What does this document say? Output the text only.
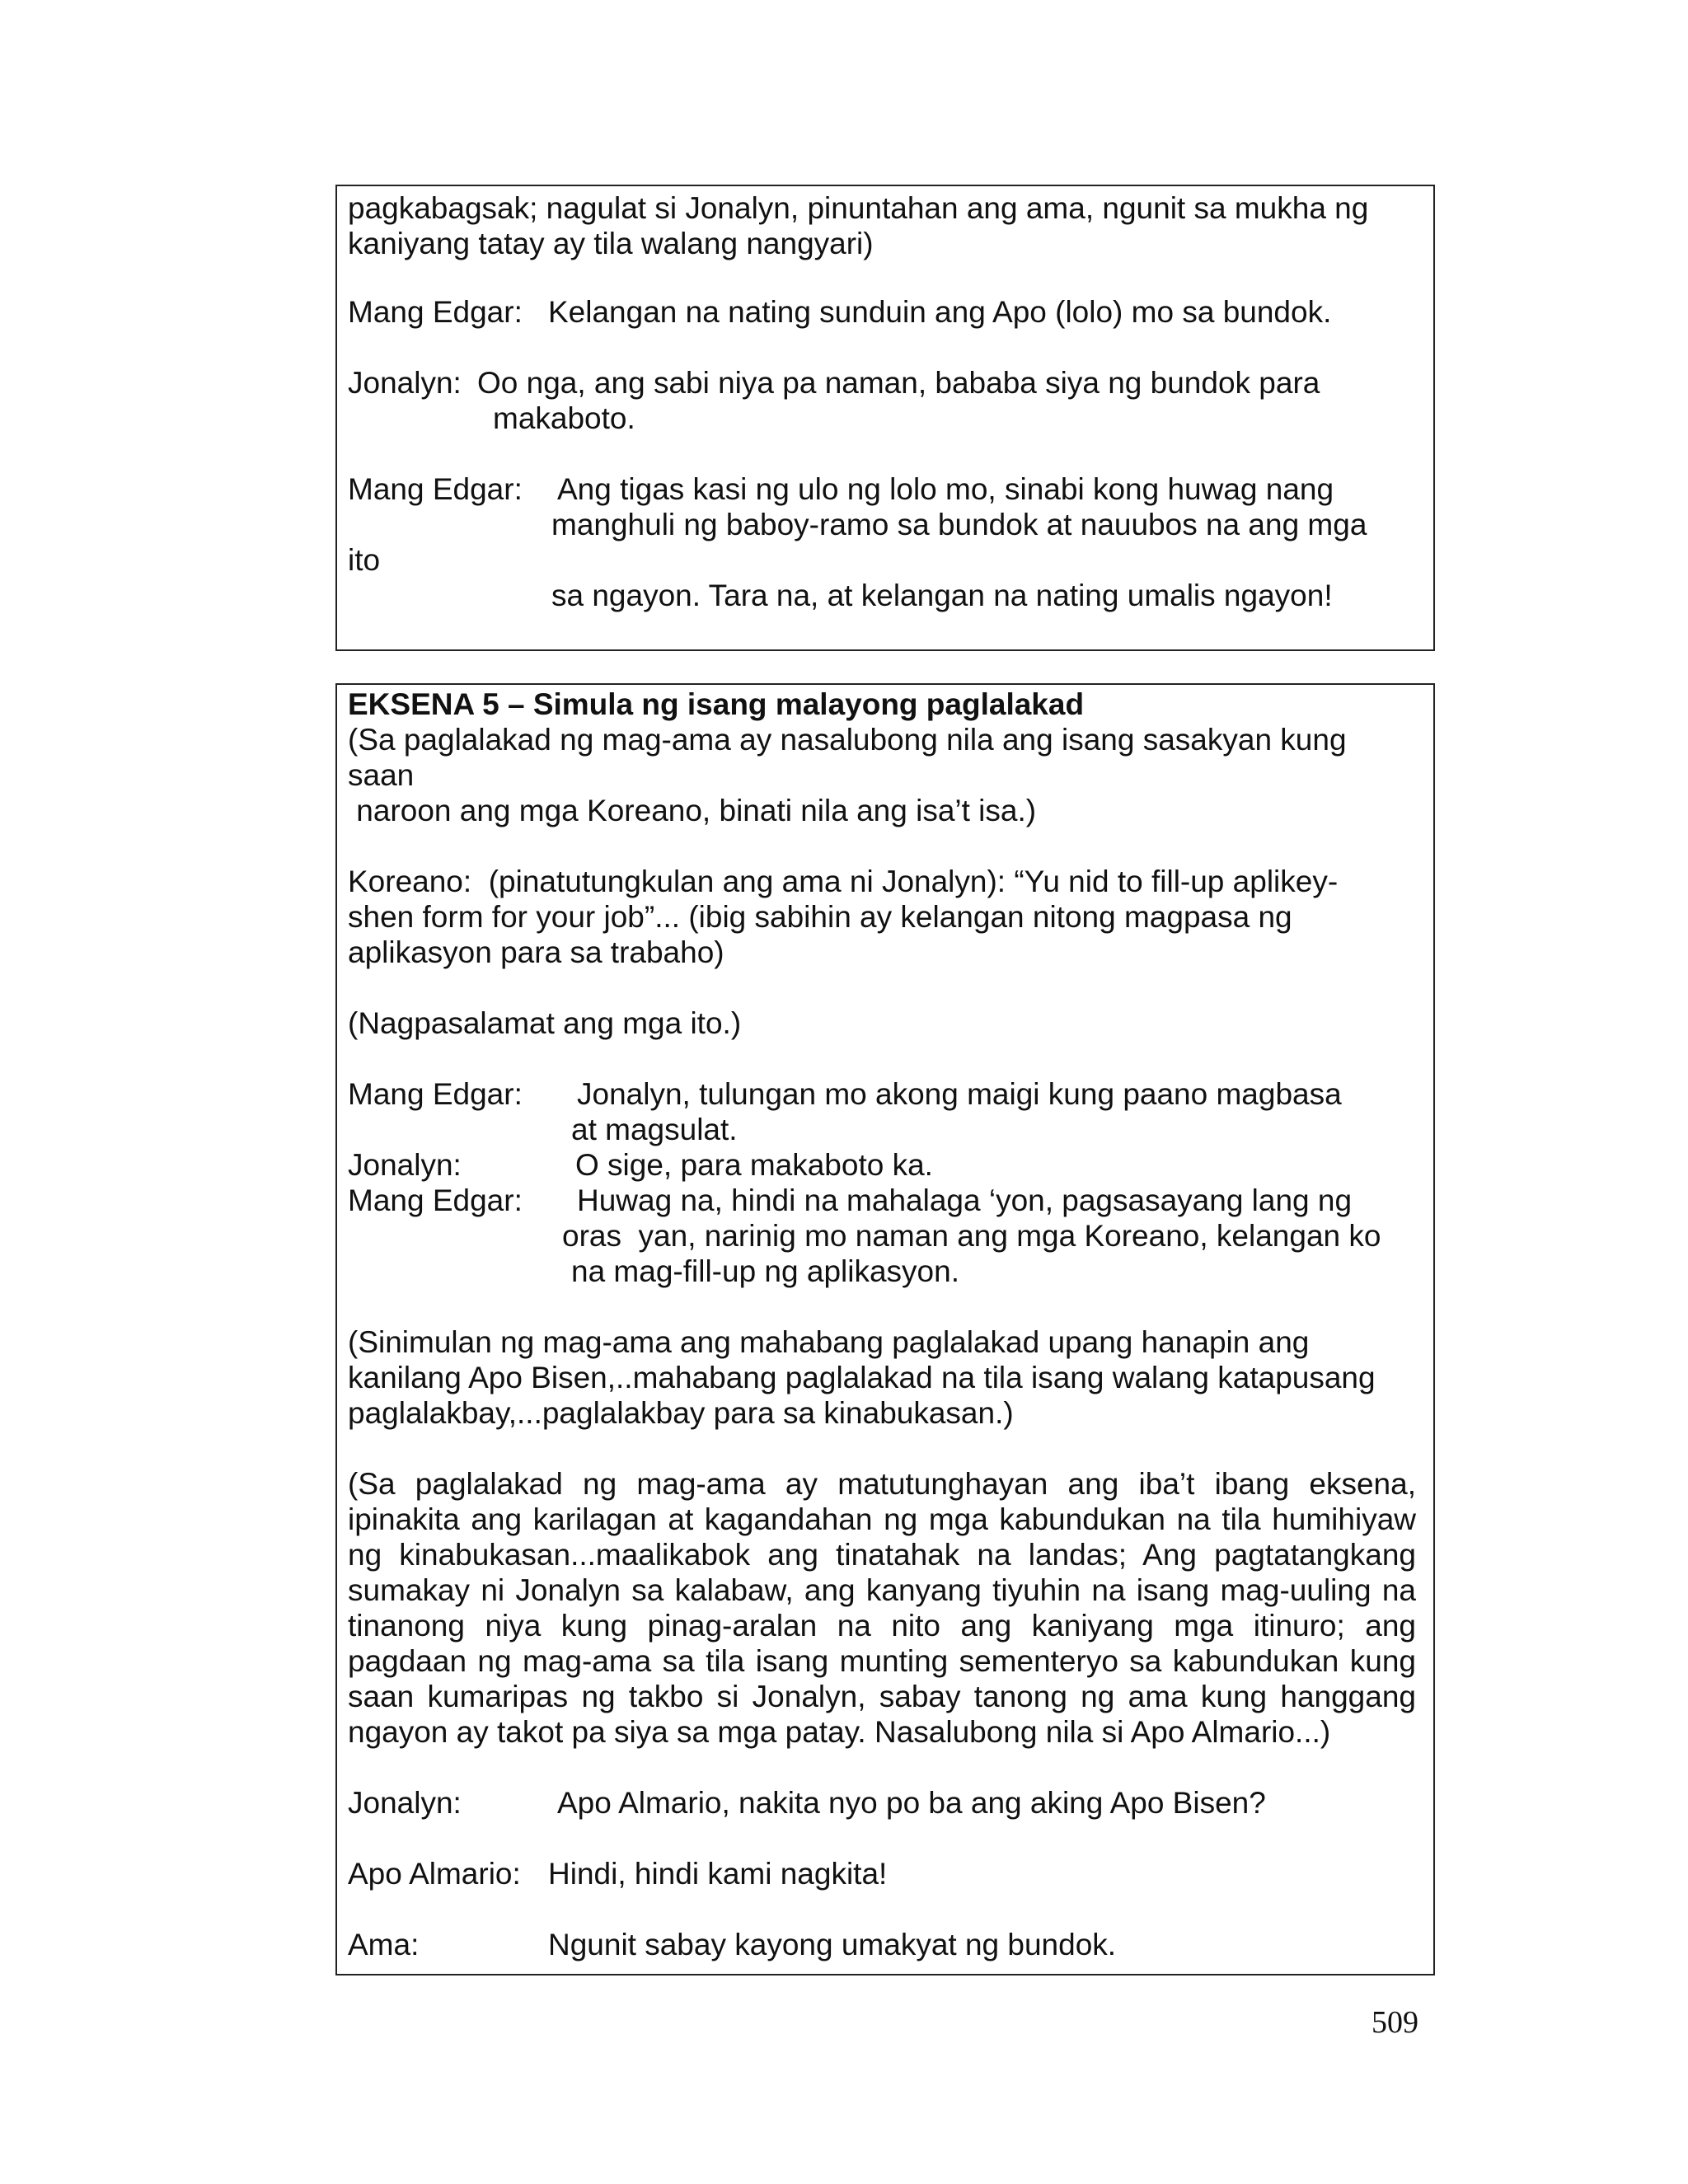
pagkabagsak; nagulat si Jonalyn, pinuntahan ang ama, ngunit sa mukha ng
kaniyang tatay ay tila walang nangyari)
Mang Edgar: Kelangan na nating sunduin ang Apo (lolo) mo sa bundok.
Jonalyn: Oo nga, ang sabi niya pa naman, bababa siya ng bundok para
makaboto.
Mang Edgar: Ang tigas kasi ng ulo ng lolo mo, sinabi kong huwag nang
manghuli ng baboy-ramo sa bundok at nauubos na ang mga
ito
sa ngayon. Tara na, at kelangan na nating umalis ngayon!
EKSENA 5 – Simula ng isang malayong paglalakad
(Sa paglalakad ng mag-ama ay nasalubong nila ang isang sasakyan kung
saan
naroon ang mga Koreano, binati nila ang isa’t isa.)
Koreano:  (pinatutungkulan ang ama ni Jonalyn): “Yu nid to fill-up aplikey-
shen form for your job”... (ibig sabihin ay kelangan nitong magpasa ng
aplikasyon para sa trabaho)
(Nagpasalamat ang mga ito.)
Mang Edgar: Jonalyn, tulungan mo akong maigi kung paano magbasa
at magsulat.
Jonalyn:	O sige, para makaboto ka.
Mang Edgar: Huwag na, hindi na mahalaga ‘yon, pagsasayang lang ng
oras  yan, narinig mo naman ang mga Koreano, kelangan ko
na mag-fill-up ng aplikasyon.
(Sinimulan ng mag-ama ang mahabang paglalakad upang hanapin ang
kanilang Apo Bisen,..mahabang paglalakad na tila isang walang katapusang
paglalakbay,...paglalakbay para sa kinabukasan.)
(Sa paglalakad ng mag-ama ay matutunghayan ang iba’t ibang eksena,
ipinakita ang karilagan at kagandahan ng mga kabundukan na tila humihiyaw
ng kinabukasan...maalikabok ang tinatahak na landas; Ang pagtatangkang
sumakay ni Jonalyn sa kalabaw, ang kanyang tiyuhin na isang mag-uuling na
tinanong niya kung pinag-aralan na nito ang kaniyang mga itinuro; ang
pagdaan ng mag-ama sa tila isang munting sementeryo sa kabundukan kung
saan kumaripas ng takbo si Jonalyn, sabay tanong ng ama kung hanggang
ngayon ay takot pa siya sa mga patay. Nasalubong nila si Apo Almario...)
Jonalyn:	Apo Almario, nakita nyo po ba ang aking Apo Bisen?
Apo Almario: Hindi, hindi kami nagkita!
Ama:	Ngunit sabay kayong umakyat ng bundok.
509
